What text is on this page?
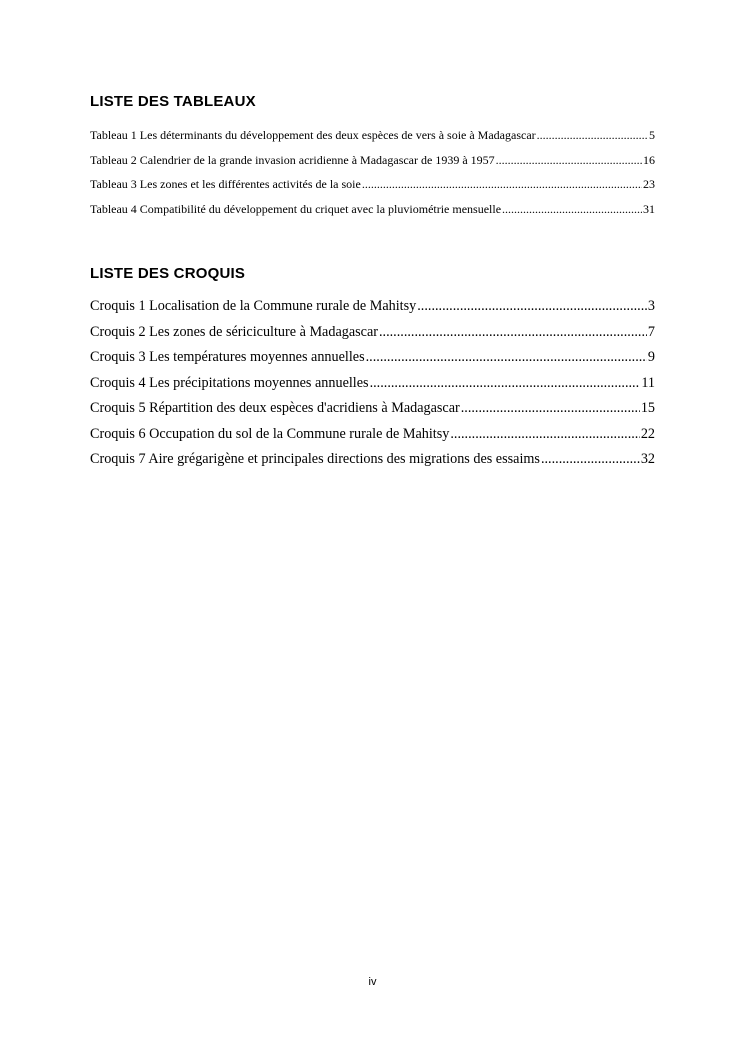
LISTE DES TABLEAUX
Tableau 1 Les déterminants du développement des deux espèces de vers à soie à Madagascar .....	5
Tableau 2 Calendrier de la grande invasion acridienne à Madagascar de 1939 à 1957 .....	16
Tableau 3 Les zones et les différentes activités de la soie .....	23
Tableau 4 Compatibilité du développement du criquet avec la pluviométrie mensuelle .....	31
LISTE DES CROQUIS
Croquis 1 Localisation de la Commune rurale de Mahitsy .....	3
Croquis 2 Les zones de sériciculture à Madagascar .....	7
Croquis 3 Les températures moyennes annuelles .....	9
Croquis 4 Les précipitations moyennes annuelles .....	11
Croquis 5 Répartition des deux espèces d'acridiens à Madagascar .....	15
Croquis 6 Occupation du sol de la Commune rurale de Mahitsy .....	22
Croquis 7 Aire grégarigène et principales directions des migrations des essaims .....	32
iv
